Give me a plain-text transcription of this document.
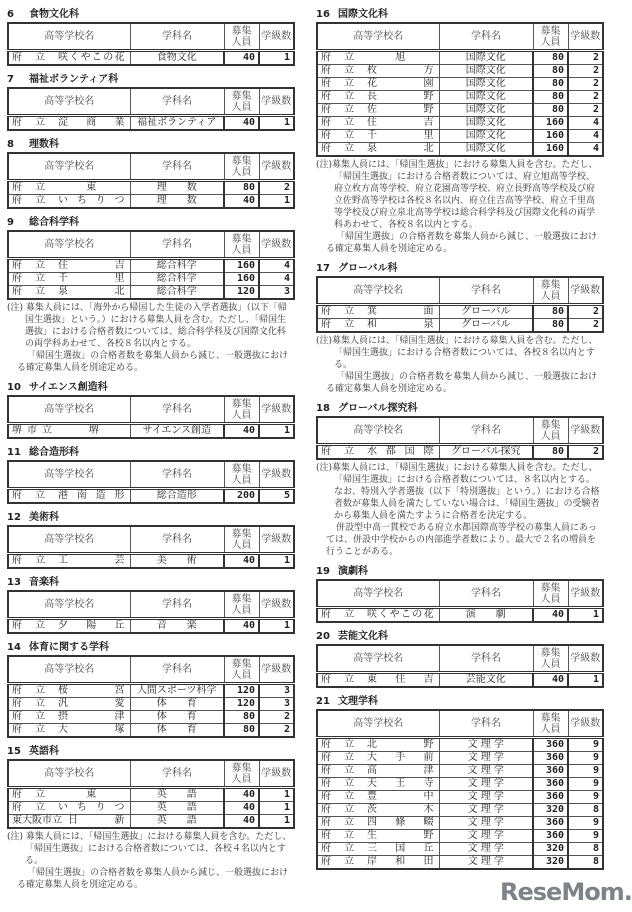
6 食物文化科
高等学校名	学科名	募集
人員	学級数

府 立 咲くやこの花	食物文化	40	1
7 福祉ボランティア科
高等学校名	学科名	募集
人員	学級数

府 立 淀 商 業	福祉ボランティア	40	1
8 理数科
高等学校名	学科名	募集
人員	学級数

府 立 東	理　　数	80	2

府 立 いちりつ	理　　数	40	1
9 総合科学科
高等学校名	学科名	募集
人員	学級数

府 立 住吉	総合科学	160	4

府 立 千里	総合科学	160	4

府 立 泉北	総合科学	120	3

(注) 募集人員には、「海外から帰国した生徒の入学者選抜」（以下「帰国生選抜」という。）における募集人員を含む。ただし、「帰国生選抜」における合格者数については、総合科学科及び国際文化科の両学科あわせて、各校８名以内とする。

「帰国生選抜」の合格者数を募集人員から減じ、一般選抜における確定募集人員を別途定める。

10 サイエンス創造科
高等学校名	学科名	募集
人員	学級数

堺市立 堺	サイエンス創造	40	1
11 総合造形科
高等学校名	学科名	募集
人員	学級数

府 立 港南造形	総合造形	200	5
12 美術科
高等学校名	学科名	募集
人員	学級数

府 立 工芸	美　　術	40	1
13 音楽科
高等学校名	学科名	募集
人員	学級数

府 立 夕陽丘	音　　楽	40	1
14 体育に関する学科
高等学校名	学科名	募集
人員	学級数

府 立 桜宮	人間スポーツ科学	120	3

府 立 汎愛	体　　育	120	3

府 立 摂津	体　　育	80	2

府 立 大塚	体　　育	80	2
15 英語科
高等学校名	学科名	募集
人員	学級数

府 立 東	英　　語	40	1

府 立 いちりつ	英　　語	40	1

東大阪市立 日新	英　　語	40	1

(注) 募集人員には、「帰国生選抜」における募集人員を含む。ただし、「帰国生選抜」における合格者数については、各校４名以内とする。

「帰国生選抜」の合格者数を募集人員から減じ、一般選抜における確定募集人員を別途定める。

16 国際文化科
高等学校名	学科名	募集
人員	学級数

府 立 旭	国際文化	80	2

府 立 枚方	国際文化	80	2

府 立 花園	国際文化	80	2

府 立 長野	国際文化	80	2

府 立 佐野	国際文化	80	2

府 立 住吉	国際文化	160	4

府 立 千里	国際文化	160	4

府 立 泉北	国際文化	160	4

(注)募集人員には、「帰国生選抜」における募集人員を含む。ただし、「帰国生選抜」における合格者数については、府立旭高等学校、府立枚方高等学校、府立花園高等学校、府立長野高等学校及び府立佐野高等学校は各校８名以内、府立住吉高等学校、府立千里高等学校及び府立泉北高等学校は総合科学科及び国際文化科の両学科あわせて、各校８名以内とする。

「帰国生選抜」の合格者数を募集人員から減じ、一般選抜における確定募集人員を別途定める。

17 グローバル科
高等学校名	学科名	募集
人員	学級数

府 立 箕面	グローバル	80	2

府 立 和泉	グローバル	80	2

(注)募集人員には、「帰国生選抜」における募集人員を含む。ただし、「帰国生選抜」における合格者数については、各校８名以内とする。

「帰国生選抜」の合格者数を募集人員から減じ、一般選抜における確定募集人員を別途定める。

18 グローバル探究科
高等学校名	学科名	募集
人員	学級数

府 立 水都国際	グローバル探究	80	2

(注)募集人員には、「帰国生選抜」における募集人員を含む。ただし、「帰国生選抜」における合格者数については、８名以内とする。なお、特別入学者選抜（以下「特別選抜」という。）における合格者数が募集人員を満たしていない場合は、「帰国生選抜」の受験者から募集人員を満たすように合格者を決定する。

併設型中高一貫校である府立水都国際高等学校の募集人員にあっては、併設中学校からの内部進学者数により、最大で２名の増員を行うことがある。

19 演劇科
高等学校名	学科名	募集
人員	学級数

府 立 咲くやこの花	演　　劇	40	1
20 芸能文化科
高等学校名	学科名	募集
人員	学級数

府 立 東住吉	芸能文化	40	1
21 文理学科
高等学校名	学科名	募集
人員	学級数

府 立 北野	文 理 学	360	9

府 立 大手前	文 理 学	360	9

府 立 高津	文 理 学	360	9

府 立 天王寺	文 理 学	360	9

府 立 豊中	文 理 学	360	9

府 立 茨木	文 理 学	320	8

府 立 四條畷	文 理 学	360	9

府 立 生野	文 理 学	360	9

府 立 三国丘	文 理 学	320	8

府 立 岸和田	文 理 学	320	8
ReseMom.
